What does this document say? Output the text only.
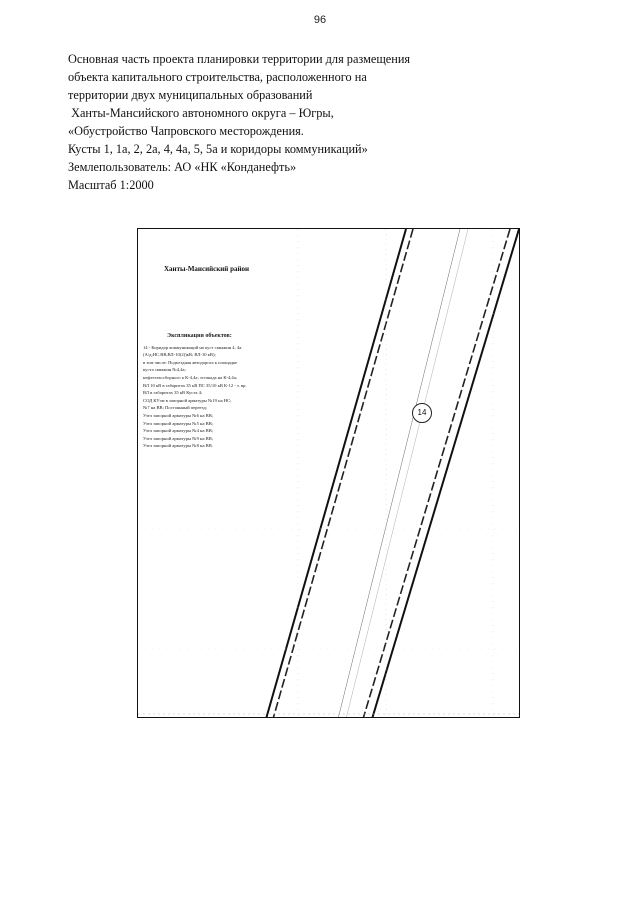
96
Основная часть проекта планировки территории для размещения
объекта капитального строительства, расположенного на
территории двух муниципальных образований
Ханты-Мансийского автономного округа – Югры,
«Обустройство Чапровского месторождения.
Кусты 1, 1а, 2, 2а, 4, 4а, 5, 5а и коридоры коммуникаций»
Землепользователь: АО «НК «Конданефть»
Масштаб 1:2000
Ханты-Мансийский район
Экспликация объектов:
14 - Коридор коммуникаций на куст скважин 4, 4а.
(А/д;НС.ВВ;ВЛ-10(2))кВ; ВЛ-10 кВ);
в том числе: Подъездная автодорога к площадке
куста скважин №4,4а;
нефтегазосборного к К-4,4а; эстакада на К-4,4а;
ВЛ 10 кВ в габаритах 35 кВ ПС 35/10 кВ К-12 - т. вр.
ВЛ в габаритах 35 кВ Куста 4;
СОД КУэм в запорной арматуры №19 на НС;
№7 на ВВ; Постоянный переезд;
Узел запорной арматуры №6 на ВВ;
Узел запорной арматуры №5 на ВВ;
Узел запорной арматуры №4 на ВВ;
Узел запорной арматуры №9 на ВВ;
Узел запорной арматуры №8 на ВВ.
14
